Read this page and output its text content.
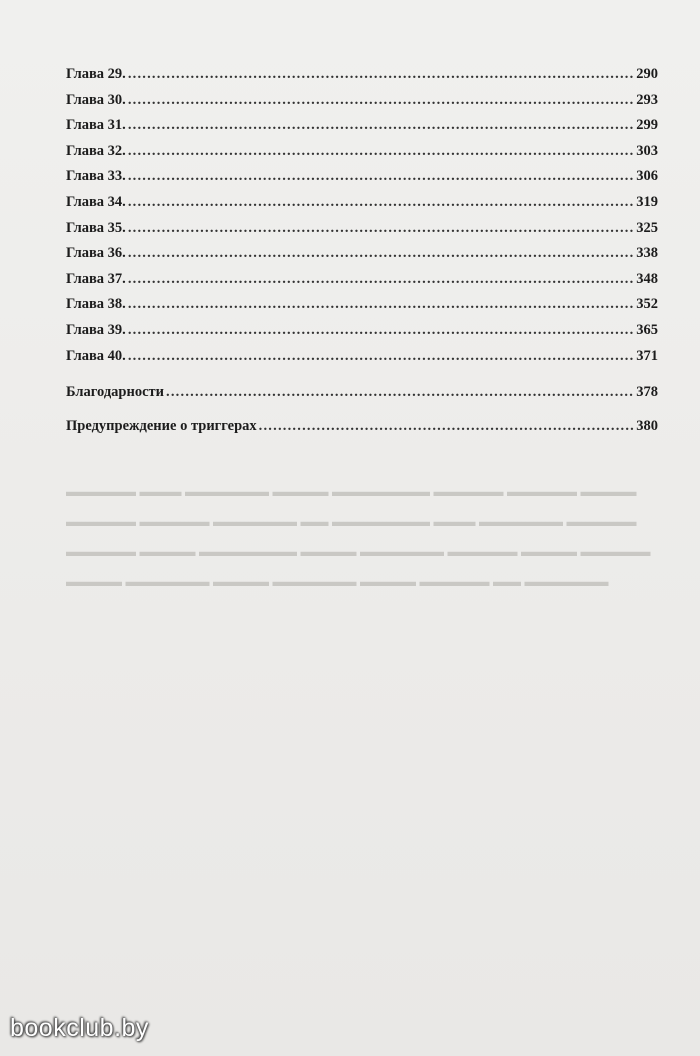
▬▬▬▬▬ ▬▬▬ ▬▬▬▬▬▬ ▬▬▬▬ ▬▬▬▬▬▬▬ ▬▬▬▬▬ ▬▬▬▬▬ ▬▬▬▬
▬▬▬▬▬ ▬▬▬▬▬ ▬▬▬▬▬▬ ▬▬ ▬▬▬▬▬▬▬ ▬▬▬ ▬▬▬▬▬▬ ▬▬▬▬▬
▬▬▬▬▬ ▬▬▬▬ ▬▬▬▬▬▬▬ ▬▬▬▬ ▬▬▬▬▬▬ ▬▬▬▬▬ ▬▬▬▬ ▬▬▬▬▬
▬▬▬▬ ▬▬▬▬▬▬ ▬▬▬▬ ▬▬▬▬▬▬ ▬▬▬▬ ▬▬▬▬▬ ▬▬ ▬▬▬▬▬▬
Глава 29. .....	290
Глава 30. .....	293
Глава 31. .....	299
Глава 32. .....	303
Глава 33. .....	306
Глава 34. .....	319
Глава 35. .....	325
Глава 36. .....	338
Глава 37. .....	348
Глава 38. .....	352
Глава 39. .....	365
Глава 40. .....	371
Благодарности .....	378
Предупреждение о триггерах .....	380
bookclub.by
